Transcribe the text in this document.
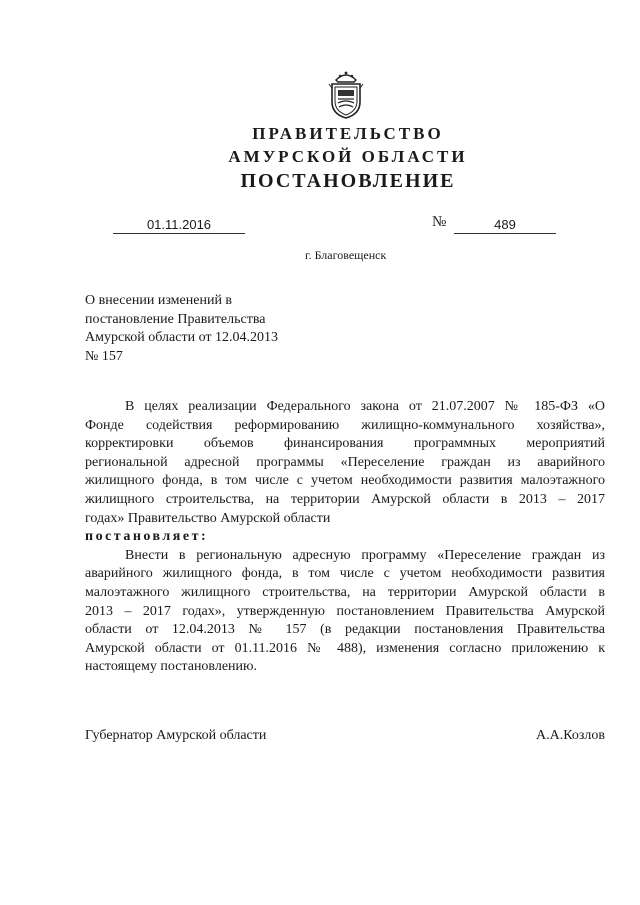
ПРАВИТЕЛЬСТВО
АМУРСКОЙ ОБЛАСТИ
ПОСТАНОВЛЕНИЕ
01.11.2016	№	489
г. Благовещенск
О внесении изменений в
постановление Правительства
Амурской области от 12.04.2013
№ 157
В целях реализации Федерального закона от 21.07.2007 № 185-ФЗ «О
Фонде содействия реформированию жилищно-коммунального хозяйства»,
корректировки объемов финансирования программных мероприятий
региональной адресной программы «Переселение граждан из аварийного
жилищного фонда, в том числе с учетом необходимости развития малоэтажного
жилищного строительства, на территории Амурской области в 2013 – 2017
годах» Правительство Амурской области
постановляет:
Внести в региональную адресную программу «Переселение граждан из
аварийного жилищного фонда, в том числе с учетом необходимости развития
малоэтажного жилищного строительства, на территории Амурской области в
2013 – 2017 годах», утвержденную постановлением Правительства Амурской
области от 12.04.2013 № 157 (в редакции постановления Правительства
Амурской области от 01.11.2016 № 488), изменения согласно приложению к
настоящему постановлению.
Губернатор Амурской области	А.А.Козлов
